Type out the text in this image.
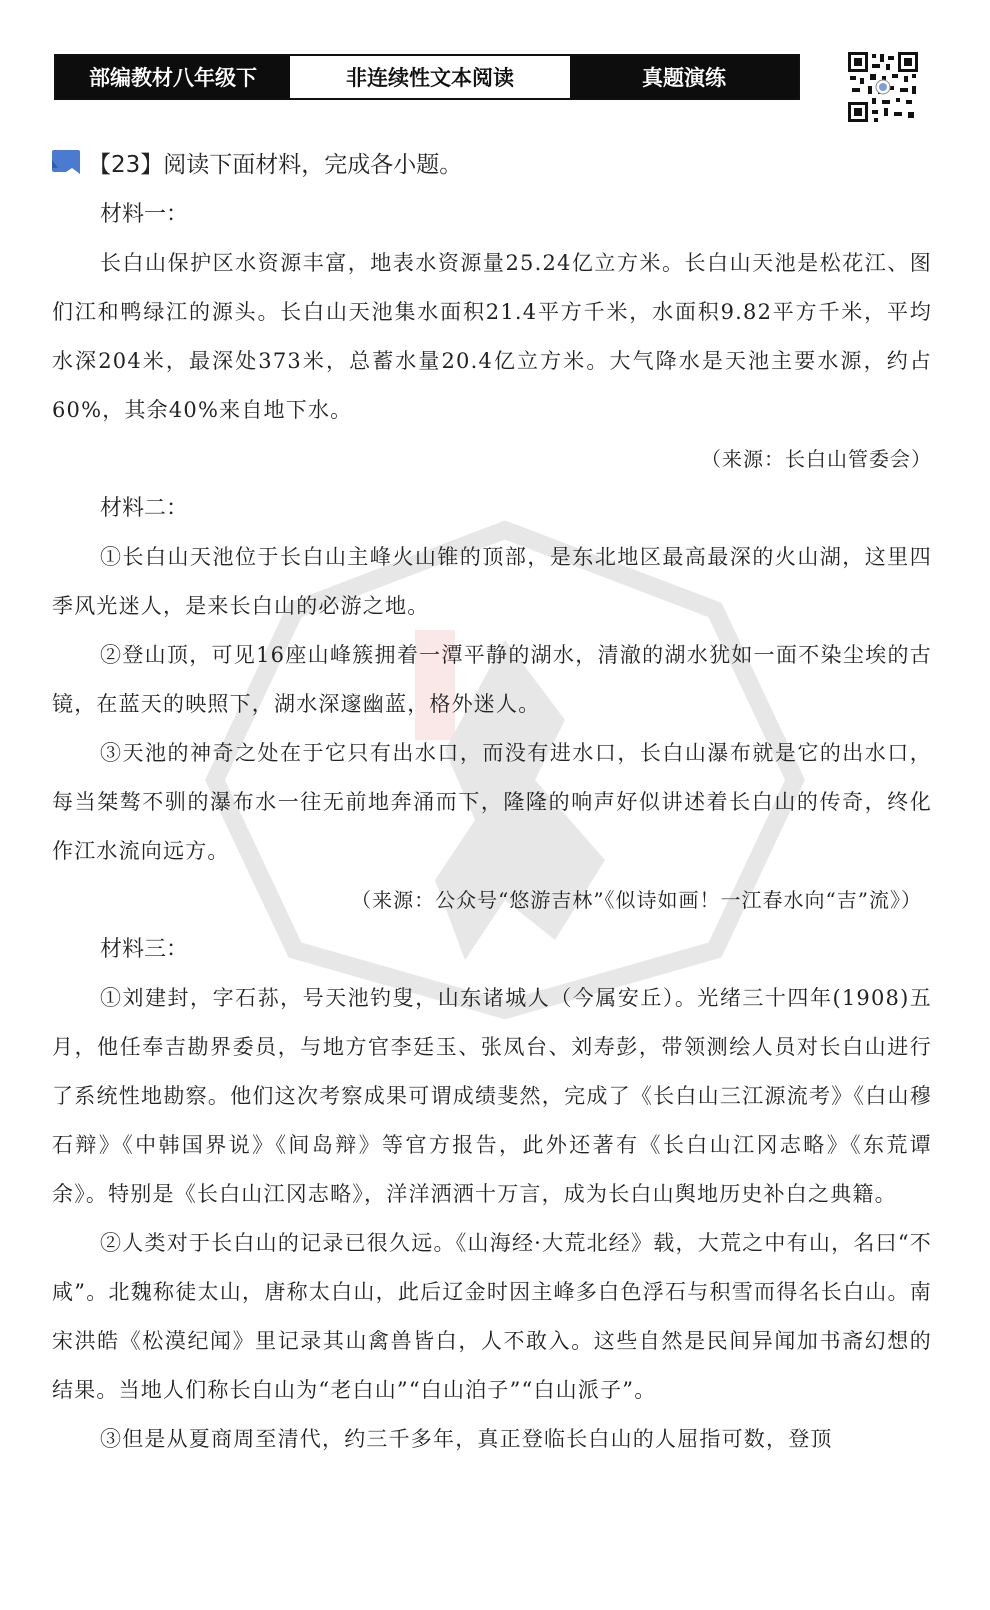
部编教材八年级下	非连续性文本阅读	真题演练
【23】阅读下面材料，完成各小题。
材料一：

长白山保护区水资源丰富，地表水资源量25.24亿立方米。长白山天池是松花江、图们江和鸭绿江的源头。长白山天池集水面积21.4平方千米，水面积9.82平方千米，平均水深204米，最深处373米，总蓄水量20.4亿立方米。大气降水是天池主要水源，约占60%，其余40%来自地下水。

（来源：长白山管委会）
材料二：

①长白山天池位于长白山主峰火山锥的顶部，是东北地区最高最深的火山湖，这里四季风光迷人，是来长白山的必游之地。

②登山顶，可见16座山峰簇拥着一潭平静的湖水，清澈的湖水犹如一面不染尘埃的古镜，在蓝天的映照下，湖水深邃幽蓝，格外迷人。

③天池的神奇之处在于它只有出水口，而没有进水口，长白山瀑布就是它的出水口，每当桀骜不驯的瀑布水一往无前地奔涌而下，隆隆的响声好似讲述着长白山的传奇，终化作江水流向远方。

（来源：公众号“悠游吉林”《似诗如画！一江春水向“吉”流》）
材料三：

①刘建封，字石荪，号天池钓叟，山东诸城人（今属安丘）。光绪三十四年(1908)五月，他任奉吉勘界委员，与地方官李廷玉、张凤台、刘寿彭，带领测绘人员对长白山进行了系统性地勘察。他们这次考察成果可谓成绩斐然，完成了《长白山三江源流考》《白山穆石辩》《中韩国界说》《间岛辩》等官方报告，此外还著有《长白山江冈志略》《东荒谭余》。特别是《长白山江冈志略》，洋洋洒洒十万言，成为长白山舆地历史补白之典籍。

②人类对于长白山的记录已很久远。《山海经·大荒北经》载，大荒之中有山，名曰“不咸”。北魏称徒太山，唐称太白山，此后辽金时因主峰多白色浮石与积雪而得名长白山。南宋洪皓《松漠纪闻》里记录其山禽兽皆白，人不敢入。这些自然是民间异闻加书斋幻想的结果。当地人们称长白山为“老白山”“白山泊子”“白山派子”。

③但是从夏商周至清代，约三千多年，真正登临长白山的人屈指可数，登顶
